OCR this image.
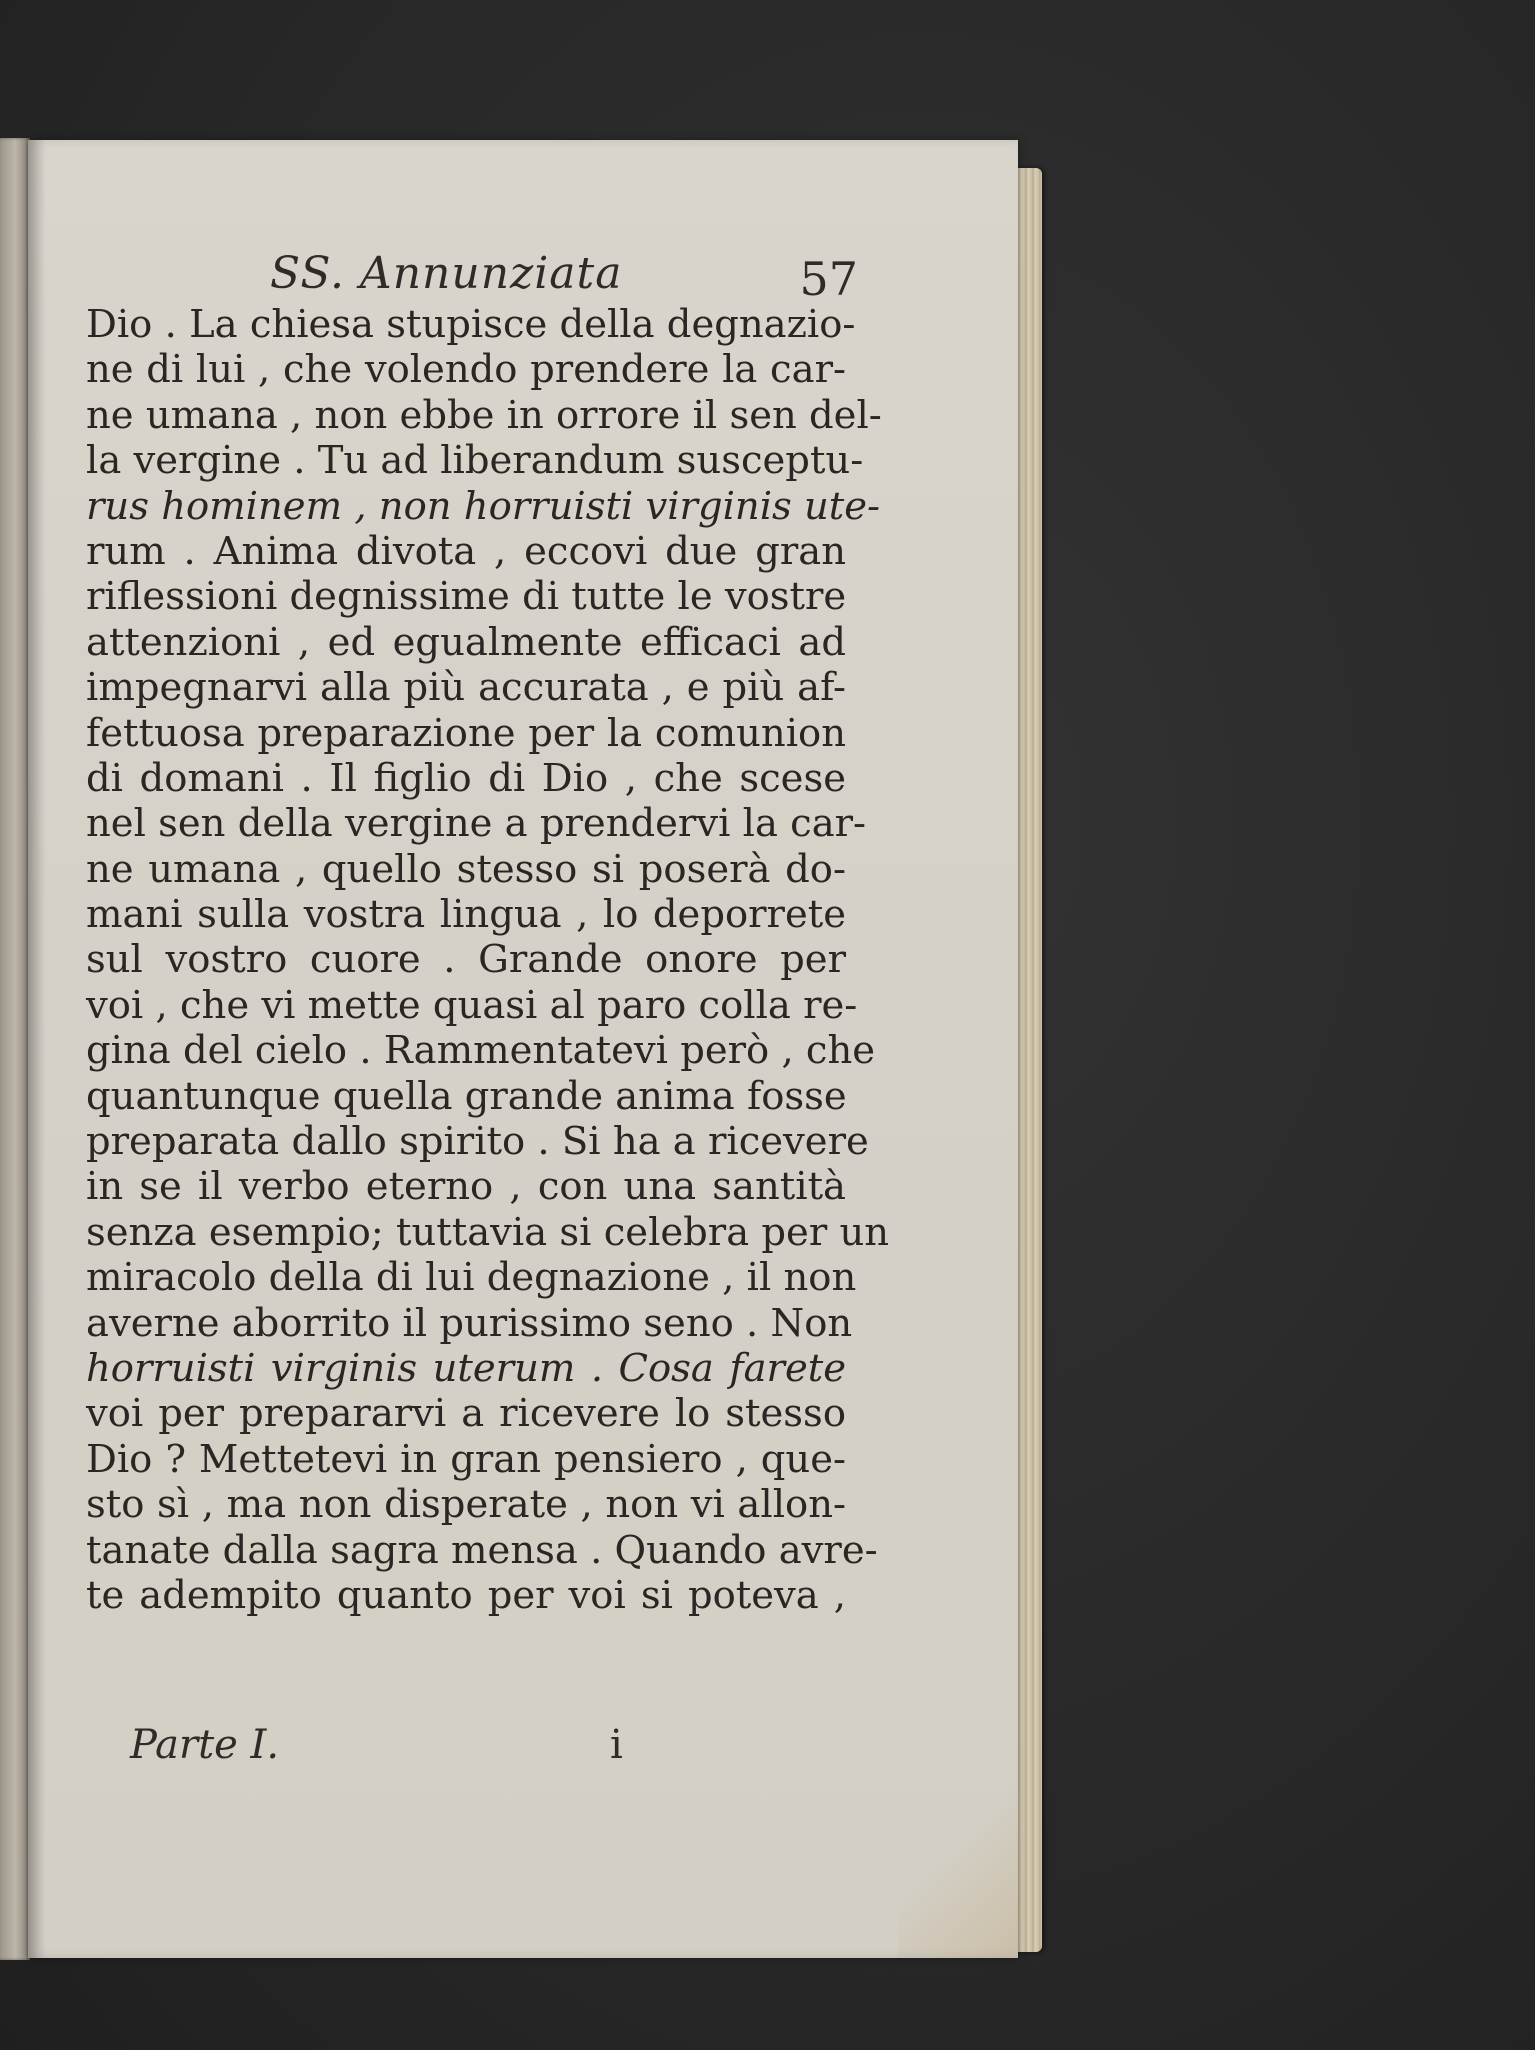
SS. Annunziata	57
Dio . La chiesa stupisce della degnazio-
ne di lui , che volendo prendere la car-
ne umana , non ebbe in orrore il sen del-
la vergine . Tu ad liberandum susceptu-
rus hominem , non horruisti virginis ute-
rum . Anima divota , eccovi due gran
riflessioni degnissime di tutte le vostre
attenzioni , ed egualmente efficaci ad
impegnarvi alla più accurata , e più af-
fettuosa preparazione per la comunion
di domani . Il figlio di Dio , che scese
nel sen della vergine a prendervi la car-
ne umana , quello stesso si poserà do-
mani sulla vostra lingua , lo deporrete
sul vostro cuore . Grande onore per
voi , che vi mette quasi al paro colla re-
gina del cielo . Rammentatevi però , che
quantunque quella grande anima fosse
preparata dallo spirito . Si ha a ricevere
in se il verbo eterno , con una santità
senza esempio; tuttavia si celebra per un
miracolo della di lui degnazione , il non
averne aborrito il purissimo seno . Non
horruisti virginis uterum . Cosa farete
voi per prepararvi a ricevere lo stesso
Dio ? Mettetevi in gran pensiero , que-
sto sì , ma non disperate , non vi allon-
tanate dalla sagra mensa . Quando avre-
te adempito quanto per voi si poteva ,
Parte I.	i
